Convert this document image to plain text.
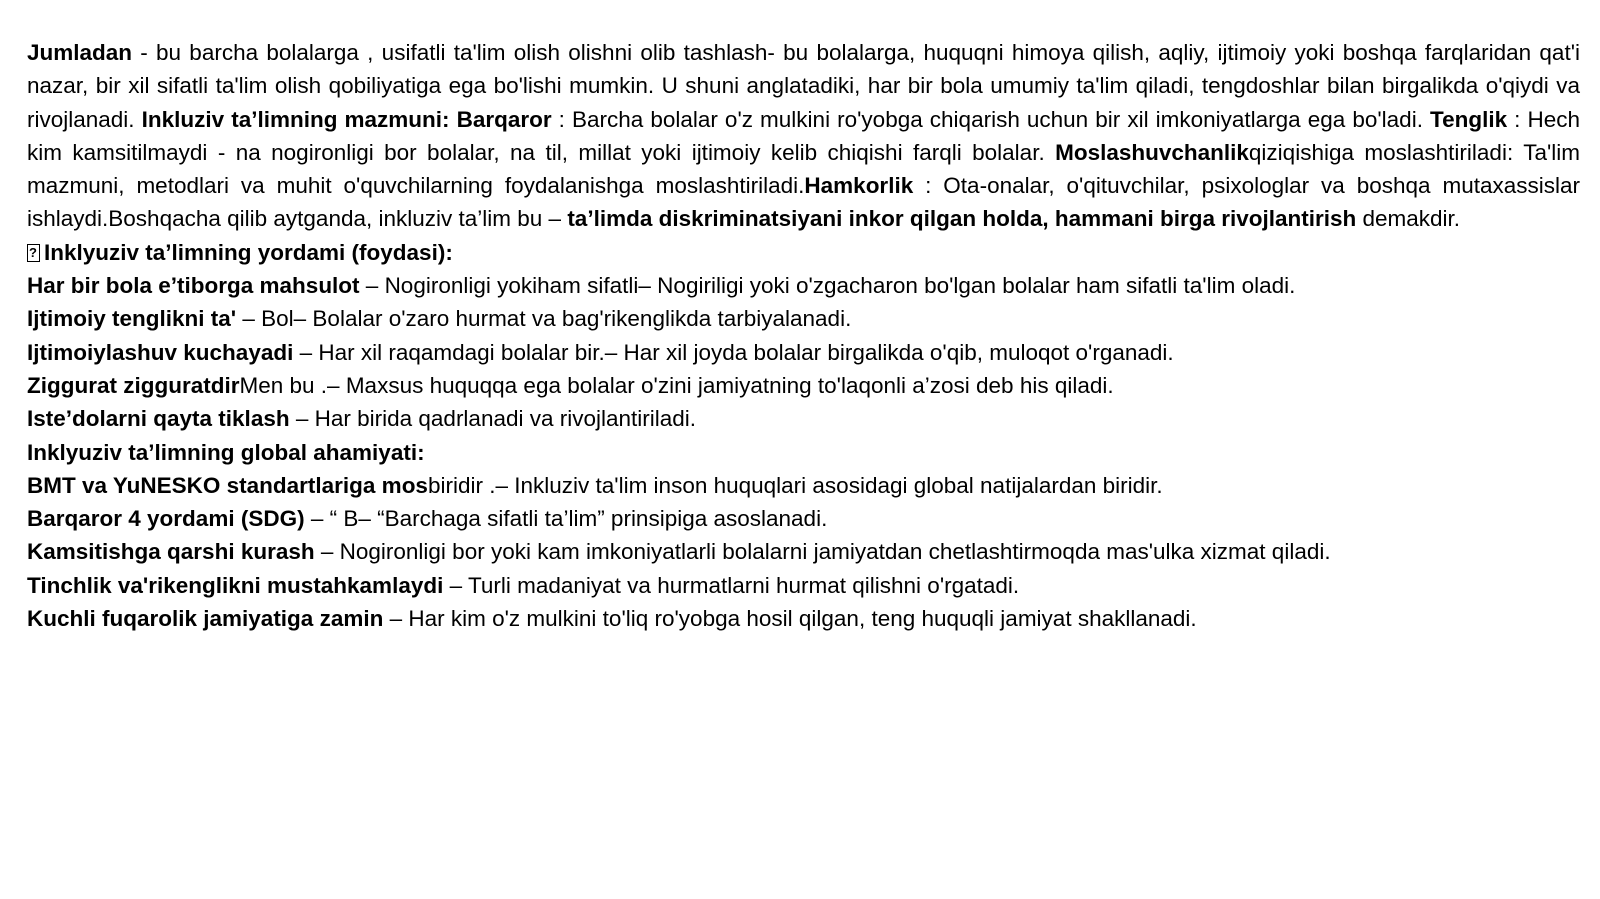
Jumladan - bu barcha bolalarga , usifatli ta'lim olish olishni olib tashlash- bu bolalarga, huquqni himoya qilish, aqliy, ijtimoiy yoki boshqa farqlaridan qat'i nazar, bir xil sifatli ta'lim olish qobiliyatiga ega bo'lishi mumkin. U shuni anglatadiki, har bir bola umumiy ta'lim qiladi, tengdoshlar bilan birgalikda o'qiydi va rivojlanadi. Inkluziv ta’limning mazmuni: Barqaror : Barcha bolalar o'z mulkini ro'yobga chiqarish uchun bir xil imkoniyatlarga ega bo'ladi. Tenglik : Hech kim kamsitilmaydi - na nogironligi bor bolalar, na til, millat yoki ijtimoiy kelib chiqishi farqli bolalar. Moslashuvchanlikqiziqishiga moslashtiriladi: Ta'lim mazmuni, metodlari va muhit o'quvchilarning foydalanishga moslashtiriladi.Hamkorlik : Ota-onalar, o'qituvchilar, psixologlar va boshqa mutaxassislar ishlaydi.Boshqacha qilib aytganda, inkluziv ta’lim bu – ta’limda diskriminatsiyani inkor qilgan holda, hammani birga rivojlantirish demakdir.

?Inklyuziv ta’limning yordami (foydasi):

Har bir bola e’tiborga mahsulot – Nogironligi yokiham sifatli– Nogiriligi yoki o'zgacharon bo'lgan bolalar ham sifatli ta'lim oladi.

Ijtimoiy tenglikni ta' – Bol– Bolalar o'zaro hurmat va bag'rikenglikda tarbiyalanadi.

Ijtimoiylashuv kuchayadi – Har xil raqamdagi bolalar bir.– Har xil joyda bolalar birgalikda o'qib, muloqot o'rganadi.

Ziggurat zigguratdirMen bu .– Maxsus huquqqa ega bolalar o'zini jamiyatning to'laqonli a’zosi deb his qiladi.

Iste’dolarni qayta tiklash – Har birida qadrlanadi va rivojlantiriladi.

Inklyuziv ta’limning global ahamiyati:

BMT va YuNESKO standartlariga mosbiridir .– Inkluziv ta'lim inson huquqlari asosidagi global natijalardan biridir.

Barqaror 4 yordami (SDG) – “ B– “Barchaga sifatli ta’lim” prinsipiga asoslanadi.

Kamsitishga qarshi kurash – Nogironligi bor yoki kam imkoniyatlarli bolalarni jamiyatdan chetlashtirmoqda mas'ulka xizmat qiladi.

Tinchlik va'rikenglikni mustahkamlaydi – Turli madaniyat va hurmatlarni hurmat qilishni o'rgatadi.

Kuchli fuqarolik jamiyatiga zamin – Har kim o'z mulkini to'liq ro'yobga hosil qilgan, teng huquqli jamiyat shakllanadi.
